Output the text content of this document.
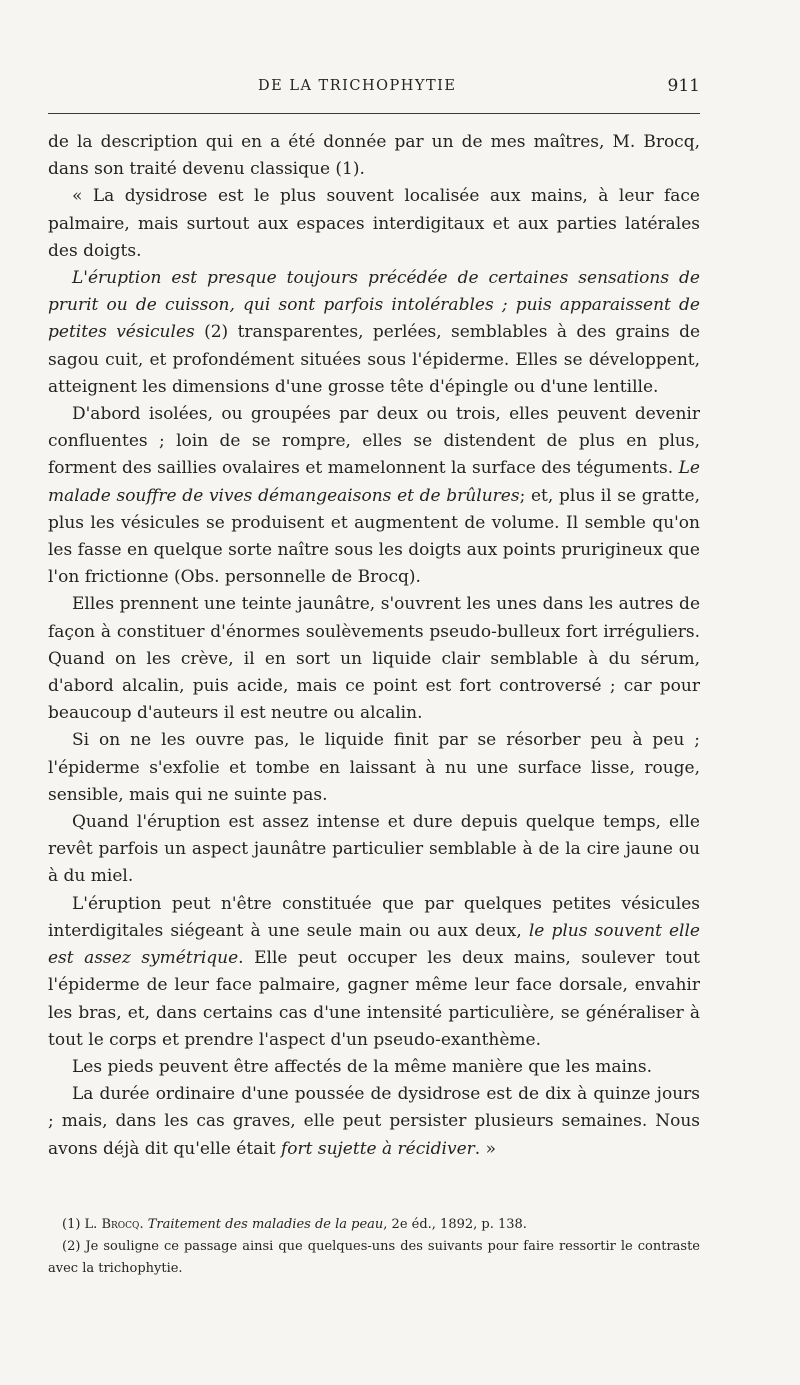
DE LA TRICHOPHYTIE	911

de la description qui en a été donnée par un de mes maîtres, M. Brocq, dans son traité devenu classique (1).

« La dysidrose est le plus souvent localisée aux mains, à leur face palmaire, mais surtout aux espaces interdigitaux et aux parties latérales des doigts.

L'éruption est presque toujours précédée de certaines sensations de prurit ou de cuisson, qui sont parfois intolérables ; puis apparaissent de petites vésicules (2) transparentes, perlées, semblables à des grains de sagou cuit, et profondément situées sous l'épiderme. Elles se développent, atteignent les dimensions d'une grosse tête d'épingle ou d'une lentille.

D'abord isolées, ou groupées par deux ou trois, elles peuvent devenir confluentes ; loin de se rompre, elles se distendent de plus en plus, forment des saillies ovalaires et mamelonnent la surface des téguments. Le malade souffre de vives démangeaisons et de brûlures; et, plus il se gratte, plus les vésicules se produisent et augmentent de volume. Il semble qu'on les fasse en quelque sorte naître sous les doigts aux points prurigineux que l'on frictionne (Obs. personnelle de Brocq).

Elles prennent une teinte jaunâtre, s'ouvrent les unes dans les autres de façon à constituer d'énormes soulèvements pseudo-bulleux fort irréguliers. Quand on les crève, il en sort un liquide clair semblable à du sérum, d'abord alcalin, puis acide, mais ce point est fort controversé ; car pour beaucoup d'auteurs il est neutre ou alcalin.

Si on ne les ouvre pas, le liquide finit par se résorber peu à peu ; l'épiderme s'exfolie et tombe en laissant à nu une surface lisse, rouge, sensible, mais qui ne suinte pas.

Quand l'éruption est assez intense et dure depuis quelque temps, elle revêt parfois un aspect jaunâtre particulier semblable à de la cire jaune ou à du miel.

L'éruption peut n'être constituée que par quelques petites vésicules interdigitales siégeant à une seule main ou aux deux, le plus souvent elle est assez symétrique. Elle peut occuper les deux mains, soulever tout l'épiderme de leur face palmaire, gagner même leur face dorsale, envahir les bras, et, dans certains cas d'une intensité particulière, se généraliser à tout le corps et prendre l'aspect d'un pseudo-exanthème.

Les pieds peuvent être affectés de la même manière que les mains.

La durée ordinaire d'une poussée de dysidrose est de dix à quinze jours ; mais, dans les cas graves, elle peut persister plusieurs semaines. Nous avons déjà dit qu'elle était fort sujette à récidiver. »

(1) L. Brocq. Traitement des maladies de la peau, 2e éd., 1892, p. 138.

(2) Je souligne ce passage ainsi que quelques-uns des suivants pour faire ressortir le contraste avec la trichophytie.
